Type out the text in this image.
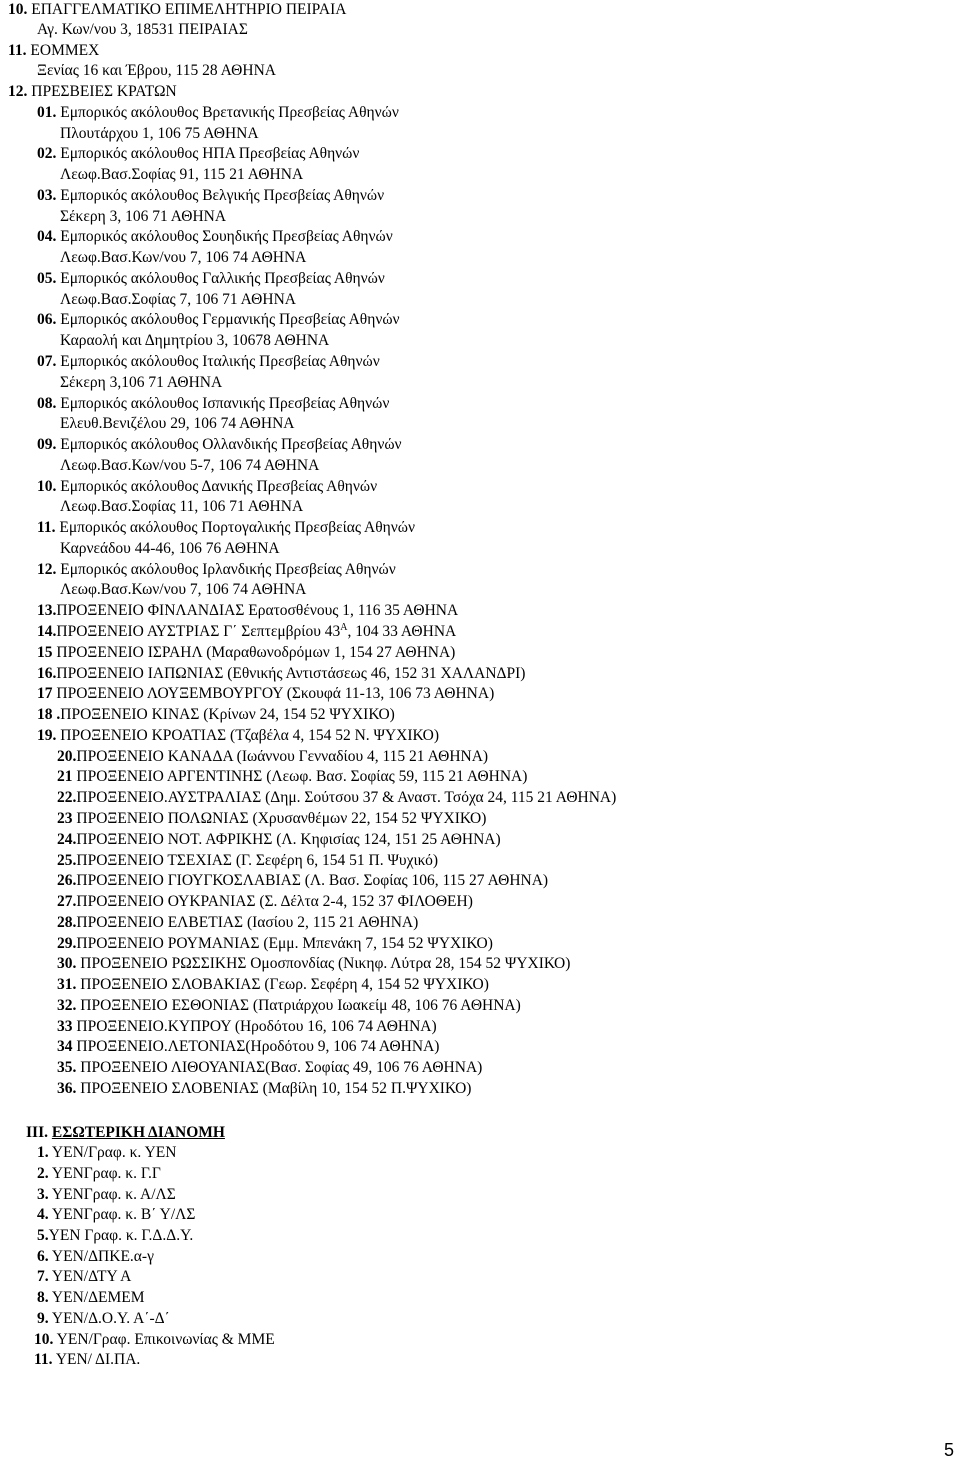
10. ΕΠΑΓΓΕΛΜΑΤΙΚΟ ΕΠΙΜΕΛΗΤΗΡΙΟ ΠΕΙΡΑΙΑ
Αγ. Κων/νου 3, 18531 ΠΕΙΡΑΙΑΣ
11. ΕΟΜΜΕΧ
Ξενίας 16 και Έβρου, 115 28 ΑΘΗΝΑ
12. ΠΡΕΣΒΕΙΕΣ ΚΡΑΤΩΝ
01. Εμπορικός ακόλουθος Βρετανικής Πρεσβείας Αθηνών
Πλουτάρχου 1, 106 75 ΑΘΗΝΑ
02. Εμπορικός ακόλουθος ΗΠΑ Πρεσβείας Αθηνών
Λεωφ.Βασ.Σοφίας 91, 115 21 ΑΘΗΝΑ
03. Εμπορικός ακόλουθος Βελγικής Πρεσβείας Αθηνών
Σέκερη 3, 106 71 ΑΘΗΝΑ
04. Εμπορικός ακόλουθος Σουηδικής Πρεσβείας Αθηνών
Λεωφ.Βασ.Κων/νου 7, 106 74 ΑΘΗΝΑ
05. Εμπορικός ακόλουθος Γαλλικής Πρεσβείας Αθηνών
Λεωφ.Βασ.Σοφίας 7, 106 71 ΑΘΗΝΑ
06. Εμπορικός ακόλουθος Γερμανικής Πρεσβείας Αθηνών
Καραολή και Δημητρίου 3, 10678 ΑΘΗΝΑ
07. Εμπορικός ακόλουθος Ιταλικής Πρεσβείας Αθηνών
Σέκερη 3,106 71 ΑΘΗΝΑ
08. Εμπορικός ακόλουθος Ισπανικής Πρεσβείας Αθηνών
Ελευθ.Βενιζέλου 29, 106 74 ΑΘΗΝΑ
09. Εμπορικός ακόλουθος Ολλανδικής Πρεσβείας Αθηνών
Λεωφ.Βασ.Κων/νου 5-7, 106 74 ΑΘΗΝΑ
10. Εμπορικός ακόλουθος Δανικής Πρεσβείας Αθηνών
Λεωφ.Βασ.Σοφίας 11, 106 71 ΑΘΗΝΑ
11. Εμπορικός ακόλουθος Πορτογαλικής Πρεσβείας Αθηνών
Καρνεάδου 44-46, 106 76 ΑΘΗΝΑ
12. Εμπορικός ακόλουθος Ιρλανδικής Πρεσβείας Αθηνών
Λεωφ.Βασ.Κων/νου 7, 106 74 ΑΘΗΝΑ
13.ΠΡΟΞΕΝΕΙΟ ΦΙΝΛΑΝΔΙΑΣ Ερατοσθένους 1, 116 35 ΑΘΗΝΑ
14.ΠΡΟΞΕΝΕΙΟ ΑΥΣΤΡΙΑΣ Γ΄ Σεπτεμβρίου $43^A$, 104 33 ΑΘΗΝΑ
15 ΠΡΟΞΕΝΕΙΟ ΙΣΡΑΗΛ (Μαραθωνοδρόμων 1, 154 27 ΑΘΗΝΑ)
16.ΠΡΟΞΕΝΕΙΟ ΙΑΠΩΝΙΑΣ (Εθνικής Αντιστάσεως 46, 152 31 ΧΑΛΑΝΔΡΙ)
17 ΠΡΟΞΕΝΕΙΟ ΛΟΥΞΕΜΒΟΥΡΓΟΥ (Σκουφά 11-13, 106 73 ΑΘΗΝΑ)
18 .ΠΡΟΞΕΝΕΙΟ ΚΙΝΑΣ (Κρίνων 24, 154 52 ΨΥΧΙΚΟ)
19. ΠΡΟΞΕΝΕΙΟ ΚΡΟΑΤΙΑΣ (Τζαβέλα 4, 154 52 Ν. ΨΥΧΙΚΟ)
20.ΠΡΟΞΕΝΕΙΟ ΚΑΝΑΔΑ (Ιωάννου Γενναδίου 4, 115 21 ΑΘΗΝΑ)
21 ΠΡΟΞΕΝΕΙΟ ΑΡΓΕΝΤΙΝΗΣ (Λεωφ. Βασ. Σοφίας 59, 115 21 ΑΘΗΝΑ)
22.ΠΡΟΞΕΝΕΙΟ.ΑΥΣΤΡΑΛΙΑΣ (Δημ. Σούτσου 37 & Αναστ. Τσόχα 24, 115 21 ΑΘΗΝΑ)
23 ΠΡΟΞΕΝΕΙΟ ΠΟΛΩΝΙΑΣ (Χρυσανθέμων 22, 154 52 ΨΥΧΙΚΟ)
24.ΠΡΟΞΕΝΕΙΟ ΝΟΤ. ΑΦΡΙΚΗΣ (Λ. Κηφισίας 124, 151 25 ΑΘΗΝΑ)
25.ΠΡΟΞΕΝΕΙΟ ΤΣΕΧΙΑΣ (Γ. Σεφέρη 6, 154 51 Π. Ψυχικό)
26.ΠΡΟΞΕΝΕΙΟ ΓΙΟΥΓΚΟΣΛΑΒΙΑΣ (Λ. Βασ. Σοφίας 106, 115 27 ΑΘΗΝΑ)
27.ΠΡΟΞΕΝΕΙΟ ΟΥΚΡΑΝΙΑΣ (Σ. Δέλτα 2-4, 152 37 ΦΙΛΟΘΕΗ)
28.ΠΡΟΞΕΝΕΙΟ ΕΛΒΕΤΙΑΣ (Ιασίου 2, 115 21 ΑΘΗΝΑ)
29.ΠΡΟΞΕΝΕΙΟ ΡΟΥΜΑΝΙΑΣ (Εμμ. Μπενάκη 7, 154 52 ΨΥΧΙΚΟ)
30. ΠΡΟΞΕΝΕΙΟ ΡΩΣΣΙΚΗΣ Ομοσπονδίας (Νικηφ. Λύτρα 28, 154 52 ΨΥΧΙΚΟ)
31. ΠΡΟΞΕΝΕΙΟ ΣΛΟΒΑΚΙΑΣ (Γεωρ. Σεφέρη 4, 154 52 ΨΥΧΙΚΟ)
32. ΠΡΟΞΕΝΕΙΟ ΕΣΘΟΝΙΑΣ (Πατριάρχου Ιωακείμ 48, 106 76 ΑΘΗΝΑ)
33 ΠΡΟΞΕΝΕΙΟ.ΚΥΠΡΟΥ (Ηροδότου 16, 106 74 ΑΘΗΝΑ)
34 ΠΡΟΞΕΝΕΙΟ.ΛΕΤΟΝΙΑΣ(Ηροδότου 9, 106 74 ΑΘΗΝΑ)
35. ΠΡΟΞΕΝΕΙΟ ΛΙΘΟΥΑΝΙΑΣ(Βασ. Σοφίας 49, 106 76 ΑΘΗΝΑ)
36. ΠΡΟΞΕΝΕΙΟ ΣΛΟΒΕΝΙΑΣ (Μαβίλη 10, 154 52 Π.ΨΥΧΙΚΟ)
ΙΙΙ. ΕΣΩΤΕΡΙΚΗ ΔΙΑΝΟΜΗ
1. ΥΕΝ/Γραφ. κ. ΥΕΝ
2. ΥΕΝΓραφ. κ. Γ.Γ
3. ΥΕΝΓραφ. κ. Α/ΛΣ
4. ΥΕΝΓραφ. κ. Β΄ Υ/ΛΣ
5.ΥΕΝ Γραφ. κ. Γ.Δ.Δ.Υ.
6. ΥΕΝ/ΔΠΚΕ.α-γ
7. ΥΕΝ/ΔΤΥ Α
8. ΥΕΝ/ΔΕΜΕΜ
9. ΥΕΝ/Δ.Ο.Υ. Α΄-Δ΄
10. ΥΕΝ/Γραφ. Επικοινωνίας & ΜΜΕ
11. ΥΕΝ/ ΔΙ.ΠΑ.
5
